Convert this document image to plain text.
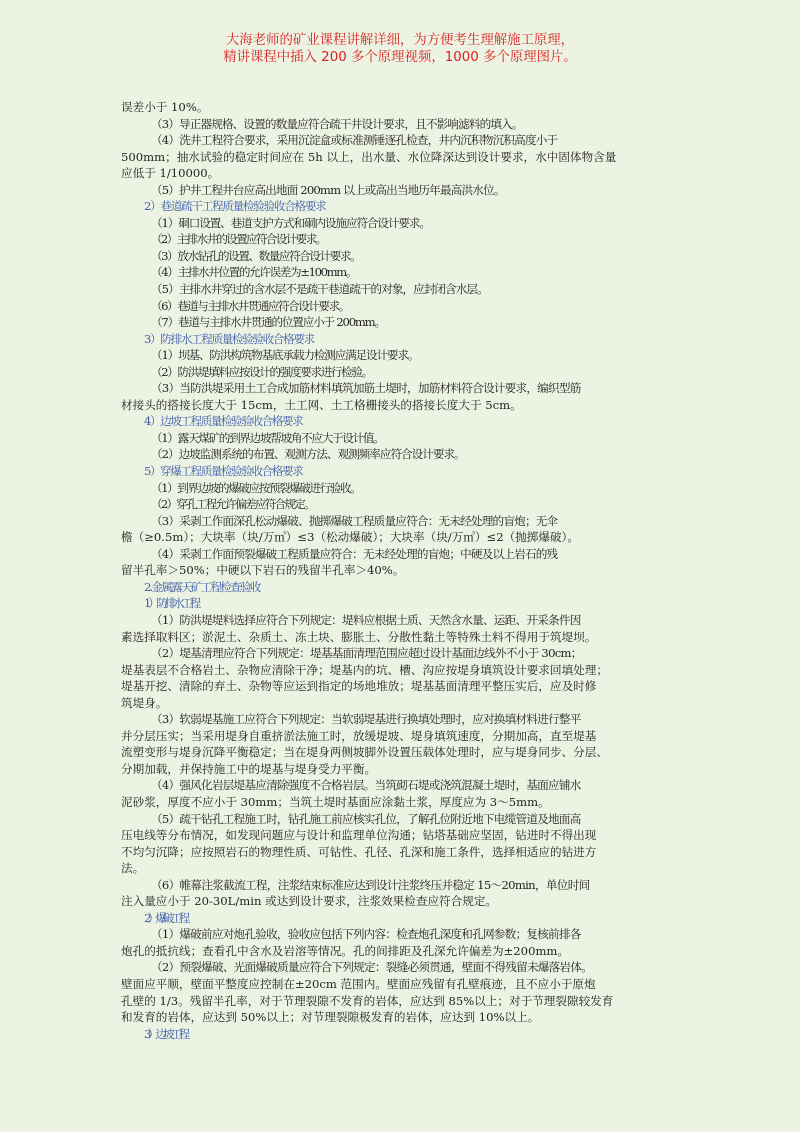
大海老师的矿业课程讲解详细，为方便考生理解施工原理，
精讲课程中插入 200 多个原理视频，1000 多个原理图片。

误差小于 10%。

（3）导正器规格、设置的数量应符合疏干井设计要求，且不影响滤料的填入。

（4）洗井工程符合要求，采用沉淀盒或标准测锤逐孔检查，井内沉积物沉积高度小于

500mm；抽水试验的稳定时间应在 5h 以上，出水量、水位降深达到设计要求，水中固体物含量

应低于 1/10000。

（5）护井工程井台应高出地面 200mm 以上或高出当地历年最高洪水位。

2）巷道疏干工程质量检验验收合格要求

（1）硐口设置、巷道支护方式和硐内设施应符合设计要求。

（2）主排水井的设置应符合设计要求。

（3）放水钻孔的设置、数量应符合设计要求。

（4）主排水井位置的允许误差为±100mm。

（5）主排水井穿过的含水层不是疏干巷道疏干的对象，应封闭含水层。

（6）巷道与主排水井贯通应符合设计要求。

（7）巷道与主排水井贯通的位置应小于 200mm。

3）防排水工程质量检验验收合格要求

（1）坝基、防洪构筑物基底承载力检测应满足设计要求。

（2）防洪堤填料应按设计的强度要求进行检验。

（3）当防洪堤采用土工合成加筋材料填筑加筋土堤时，加筋材料符合设计要求，编织型筋

材接头的搭接长度大于 15cm，土工网、土工格栅接头的搭接长度大于 5cm。

4）边坡工程质量检验验收合格要求

（1）露天煤矿的到界边坡帮坡角不应大于设计值。

（2）边坡监测系统的布置、观测方法、观测频率应符合设计要求。

5）穿爆工程质量检验验收合格要求

（1）到界边坡的爆破应按预裂爆破进行验收。

（2）穿孔工程允许偏差应符合规定。

（3）采剥工作面深孔松动爆破、抛掷爆破工程质量应符合：无未经处理的盲炮；无伞

檐（≥0.5m）；大块率（块/万㎥）≤3（松动爆破）；大块率（块/万㎥）≤2（抛掷爆破）。

（4）采剥工作面预裂爆破工程质量应符合：无未经处理的盲炮；中硬及以上岩石的残

留半孔率＞50%；中硬以下岩石的残留半孔率＞40%。

2.金属露天矿工程检查验收

1）防排水工程

（1）防洪堤堤料选择应符合下列规定：堤料应根据土质、天然含水量、运距、开采条件因

素选择取料区；淤泥土、杂质土、冻土块、膨胀土、分散性黏土等特殊土料不得用于筑堤坝。

（2）堤基清理应符合下列规定：堤基基面清理范围应超过设计基面边线外不小于 30cm；

堤基表层不合格岩土、杂物应清除干净；堤基内的坑、槽、沟应按堤身填筑设计要求回填处理；

堤基开挖、清除的弃土、杂物等应运到指定的场地堆放；堤基基面清理平整压实后，应及时修

筑堤身。

（3）软弱堤基施工应符合下列规定：当软弱堤基进行换填处理时，应对换填材料进行整平

并分层压实；当采用堤身自重挤淤法施工时，放缓堤坡、堤身填筑速度，分期加高，直至堤基

流塑变形与堤身沉降平衡稳定；当在堤身两侧坡脚外设置压载体处理时，应与堤身同步、分层、

分期加载，并保持施工中的堤基与堤身受力平衡。

（4）强风化岩层堤基应清除强度不合格岩层。当筑砌石堤或浇筑混凝土堤时，基面应铺水

泥砂浆，厚度不应小于 30mm；当筑土堤时基面应涂黏土浆，厚度应为 3～5mm。

（5）疏干钻孔工程施工时，钻孔施工前应核实孔位，了解孔位附近地下电缆管道及地面高

压电线等分布情况，如发现问题应与设计和监理单位沟通；钻塔基础应坚固，钻进时不得出现

不均匀沉降；应按照岩石的物理性质、可钻性、孔径、孔深和施工条件，选择相适应的钻进方

法。

（6）帷幕注浆截流工程，注浆结束标准应达到设计注浆终压并稳定 15～20min，单位时间

注入量应小于 20-30L/min 或达到设计要求，注浆效果检查应符合规定。

2）爆破工程

（1）爆破前应对炮孔验收，验收应包括下列内容：检查炮孔深度和孔网参数；复核前排各

炮孔的抵抗线；查看孔中含水及岩溶等情况。孔的间排距及孔深允许偏差为±200mm。

（2）预裂爆破、光面爆破质量应符合下列规定：裂缝必须贯通，壁面不得残留未爆落岩体。

壁面应平顺，壁面平整度应控制在±20cm 范围内。壁面应残留有孔壁痕迹，且不应小于原炮

孔壁的 1/3。残留半孔率，对于节理裂隙不发育的岩体，应达到 85%以上；对于节理裂隙较发育

和发育的岩体，应达到 50%以上；对节理裂隙极发育的岩体，应达到 10%以上。

3）边坡工程
